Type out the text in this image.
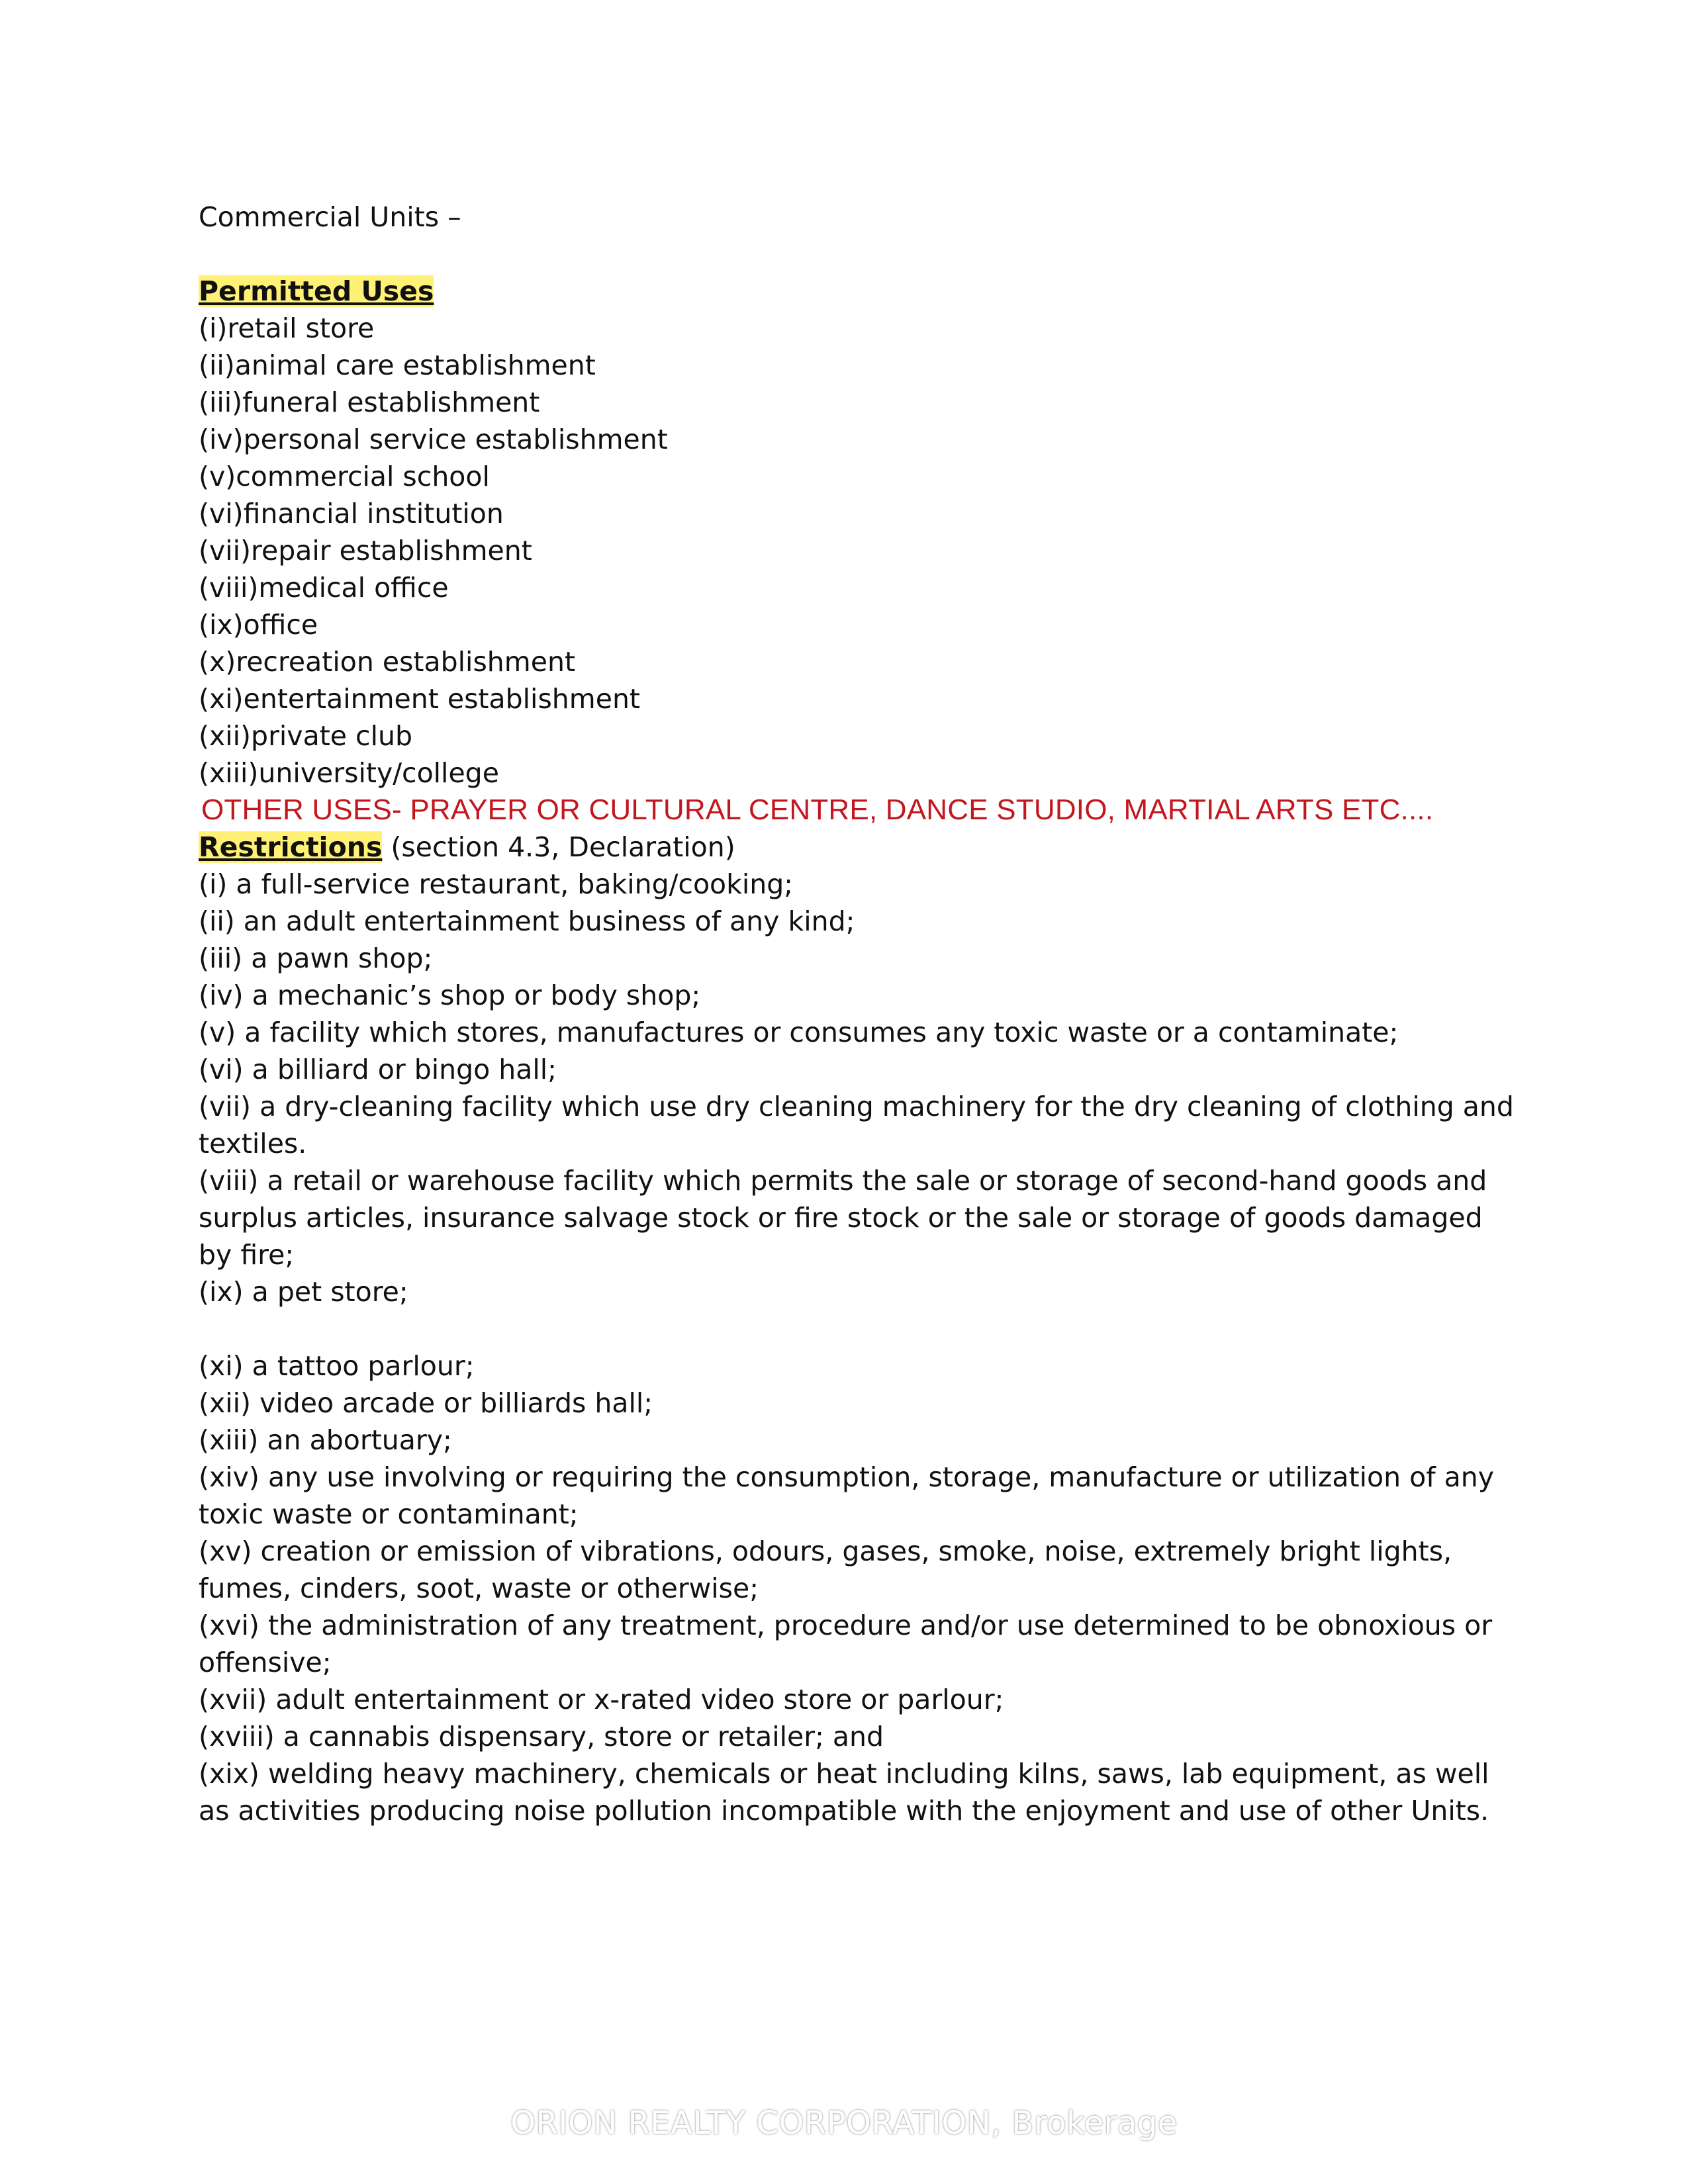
Commercial Units –
Permitted Uses
(i)retail store
(ii)animal care establishment
(iii)funeral establishment
(iv)personal service establishment
(v)commercial school
(vi)financial institution
(vii)repair establishment
(viii)medical office
(ix)office
(x)recreation establishment
(xi)entertainment establishment
(xii)private club
(xiii)university/college
OTHER USES- PRAYER OR CULTURAL CENTRE, DANCE STUDIO, MARTIAL ARTS ETC....
Restrictions (section 4.3, Declaration)
(i) a full-service restaurant, baking/cooking;
(ii) an adult entertainment business of any kind;
(iii) a pawn shop;
(iv) a mechanic’s shop or body shop;
(v) a facility which stores, manufactures or consumes any toxic waste or a contaminate;
(vi) a billiard or bingo hall;
(vii) a dry-cleaning facility which use dry cleaning machinery for the dry cleaning of clothing and textiles.
(viii) a retail or warehouse facility which permits the sale or storage of second-hand goods and surplus articles, insurance salvage stock or fire stock or the sale or storage of goods damaged by fire;
(ix) a pet store;
(xi) a tattoo parlour;
(xii) video arcade or billiards hall;
(xiii) an abortuary;
(xiv) any use involving or requiring the consumption, storage, manufacture or utilization of any toxic waste or contaminant;
(xv) creation or emission of vibrations, odours, gases, smoke, noise, extremely bright lights, fumes, cinders, soot, waste or otherwise;
(xvi) the administration of any treatment, procedure and/or use determined to be obnoxious or offensive;
(xvii) adult entertainment or x-rated video store or parlour;
(xviii) a cannabis dispensary, store or retailer; and
(xix) welding heavy machinery, chemicals or heat including kilns, saws, lab equipment, as well as activities producing noise pollution incompatible with the enjoyment and use of other Units.
ORION REALTY CORPORATION, Brokerage
